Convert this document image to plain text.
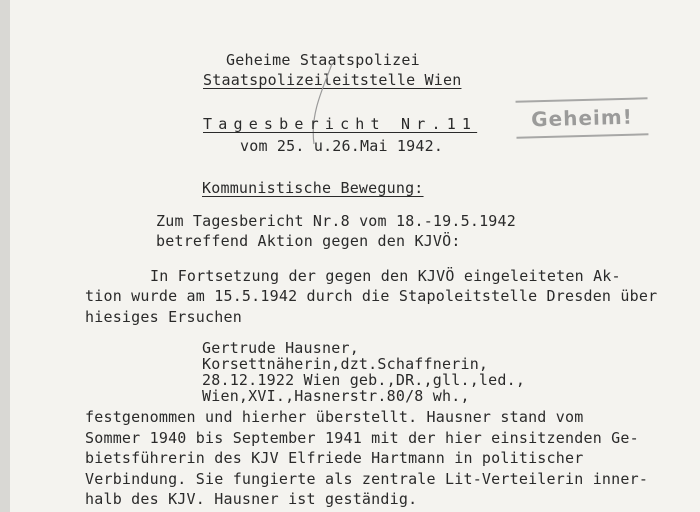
Geheime Staatspolizei
Staatspolizeileitstelle Wien
Tagesbericht Nr.11
vom 25. u.26.Mai 1942.
Geheim!
Kommunistische Bewegung:
Zum Tagesbericht Nr.8 vom 18.-19.5.1942
betreffend Aktion gegen den KJVÖ:
In Fortsetzung der gegen den KJVÖ eingeleiteten Ak-
tion wurde am 15.5.1942 durch die Stapoleitstelle Dresden über
hiesiges Ersuchen
Gertrude Hausner,
Korsettnäherin,dzt.Schaffnerin,
28.12.1922 Wien geb.,DR.,gll.,led.,
Wien,XVI.,Hasnerstr.80/8 wh.,
festgenommen und hierher überstellt. Hausner stand vom
Sommer 1940 bis September 1941 mit der hier einsitzenden Ge-
bietsführerin des KJV Elfriede Hartmann in politischer
Verbindung. Sie fungierte als zentrale Lit-Verteilerin inner-
halb des KJV. Hausner ist geständig.
